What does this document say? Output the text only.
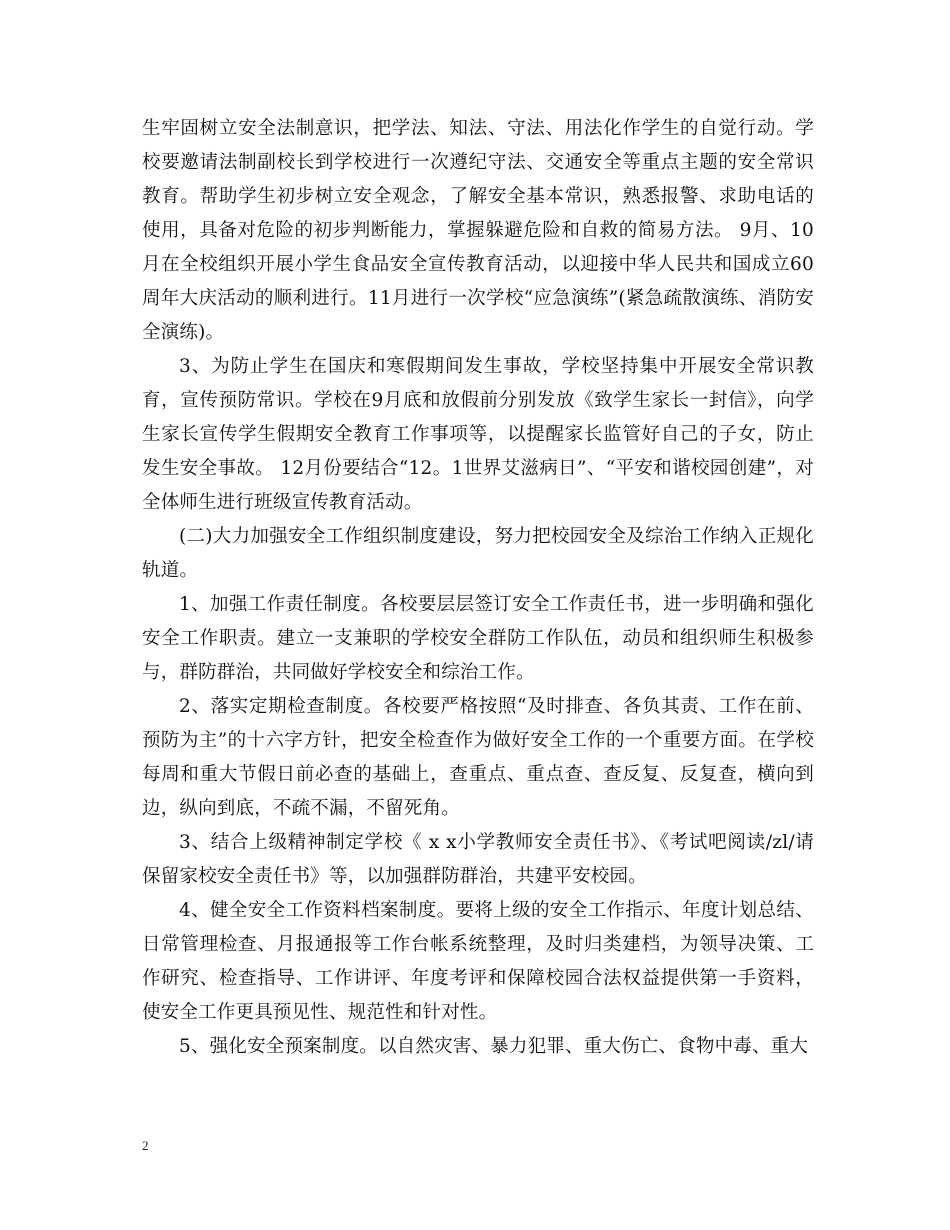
生牢固树立安全法制意识，把学法、知法、守法、用法化作学生的自觉行动。学校要邀请法制副校长到学校进行一次遵纪守法、交通安全等重点主题的安全常识教育。帮助学生初步树立安全观念，了解安全基本常识，熟悉报警、求助电话的使用，具备对危险的初步判断能力，掌握躲避危险和自救的简易方法。 9月、10月在全校组织开展小学生食品安全宣传教育活动，以迎接中华人民共和国成立60周年大庆活动的顺利进行。11月进行一次学校“应急演练”(紧急疏散演练、消防安全演练)。

3、为防止学生在国庆和寒假期间发生事故，学校坚持集中开展安全常识教育，宣传预防常识。学校在9月底和放假前分别发放《致学生家长一封信》，向学生家长宣传学生假期安全教育工作事项等，以提醒家长监管好自己的子女，防止发生安全事故。 12月份要结合“12。1世界艾滋病日”、“平安和谐校园创建”，对全体师生进行班级宣传教育活动。

(二)大力加强安全工作组织制度建设，努力把校园安全及综治工作纳入正规化轨道。

1、加强工作责任制度。各校要层层签订安全工作责任书，进一步明确和强化安全工作职责。建立一支兼职的学校安全群防工作队伍，动员和组织师生积极参与，群防群治，共同做好学校安全和综治工作。

2、落实定期检查制度。各校要严格按照“及时排查、各负其责、工作在前、预防为主”的十六字方针，把安全检查作为做好安全工作的一个重要方面。在学校每周和重大节假日前必查的基础上，查重点、重点查、查反复、反复查，横向到边，纵向到底，不疏不漏，不留死角。

3、结合上级精神制定学校《 x x小学教师安全责任书》、《考试吧阅读/zl/请保留家校安全责任书》等，以加强群防群治，共建平安校园。

4、健全安全工作资料档案制度。要将上级的安全工作指示、年度计划总结、日常管理检查、月报通报等工作台帐系统整理，及时归类建档，为领导决策、工作研究、检查指导、工作讲评、年度考评和保障校园合法权益提供第一手资料，使安全工作更具预见性、规范性和针对性。

5、强化安全预案制度。以自然灾害、暴力犯罪、重大伤亡、食物中毒、重大

2
